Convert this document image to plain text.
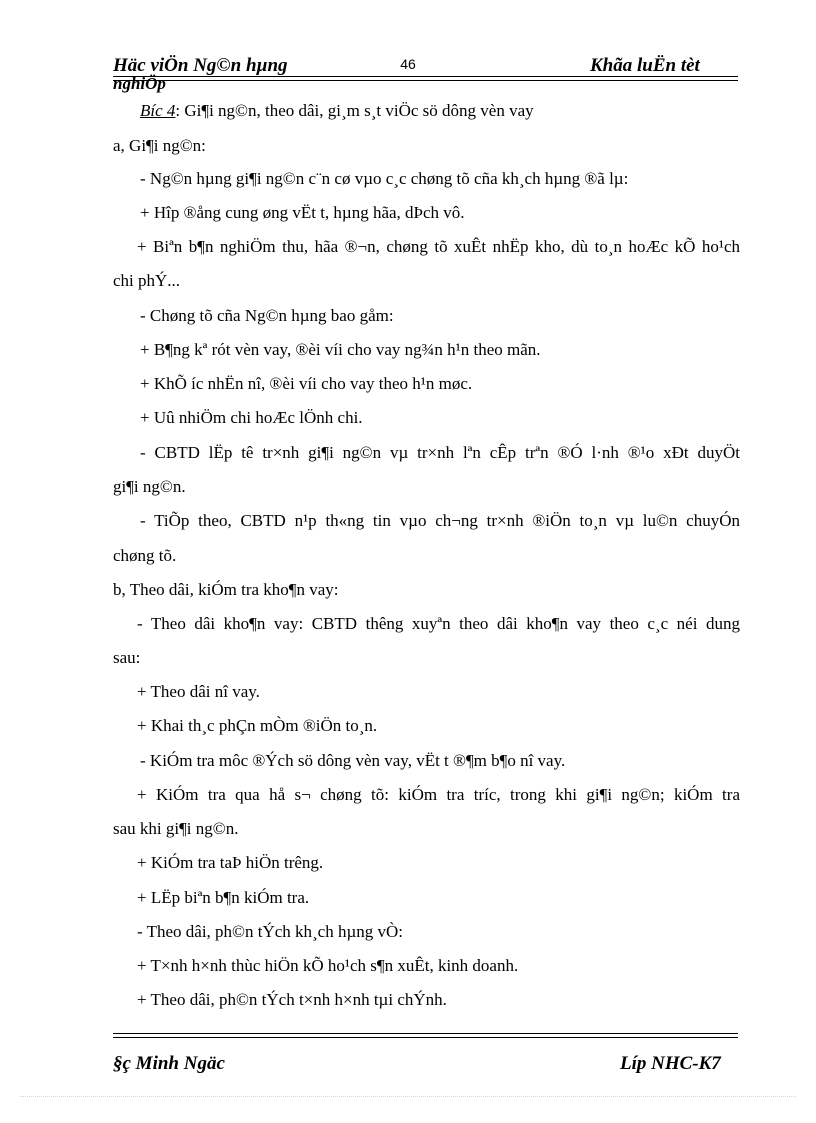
Häc viÖn Ng©n hµng
nghiÖp
46	Khãa luËn tèt
Bíc 4: Gi¶i ng©n, theo dâi, gi¸m s¸t viÖc sö dông vèn vay
a, Gi¶i ng©n:
- Ng©n hµng gi¶i ng©n c¨n cø vµo c¸c chøng tõ cña kh¸ch hµng ®ã lµ:
+ Hîp ®ång cung øng vËt t, hµng hãa, dÞch vô.
+ Biªn b¶n nghiÖm thu, hãa ®¬n, chøng tõ xuÊt nhËp kho, dù to¸n hoÆc kÕ ho¹ch
chi phÝ...
- Chøng tõ cña Ng©n hµng bao gåm:
+ B¶ng kª rót vèn vay, ®èi víi cho vay ng¾n h¹n theo mãn.
+ KhÕ íc nhËn nî, ®èi víi cho vay theo h¹n møc.
+ Uû nhiÖm chi hoÆc lÖnh chi.
- CBTD lËp tê tr×nh gi¶i ng©n vµ tr×nh lªn cÊp trªn ®Ó l·nh ®¹o xÐt duyÖt
gi¶i ng©n.
- TiÕp theo, CBTD n¹p th«ng tin vµo ch¬ng tr×nh ®iÖn to¸n vµ lu©n chuyÓn
chøng tõ.
b, Theo dâi, kiÓm tra kho¶n vay:
- Theo dâi kho¶n vay: CBTD thêng xuyªn theo dâi kho¶n vay theo c¸c néi dung
sau:
+ Theo dâi nî vay.
+ Khai th¸c phÇn mÒm ®iÖn to¸n.
- KiÓm tra môc ®Ých sö dông vèn vay, vËt t ®¶m b¶o nî vay.
+ KiÓm tra qua hå s¬ chøng tõ: kiÓm tra tríc, trong khi gi¶i ng©n; kiÓm tra
sau khi gi¶i ng©n.
+ KiÓm tra taÞ hiÖn trêng.
+ LËp biªn b¶n kiÓm tra.
- Theo dâi, ph©n tÝch kh¸ch hµng vÒ:
+ T×nh h×nh thùc hiÖn kÕ ho¹ch s¶n xuÊt, kinh doanh.
+ Theo dâi, ph©n tÝch t×nh h×nh tµi chÝnh.
§ç Minh Ngäc	Líp NHC-K7
